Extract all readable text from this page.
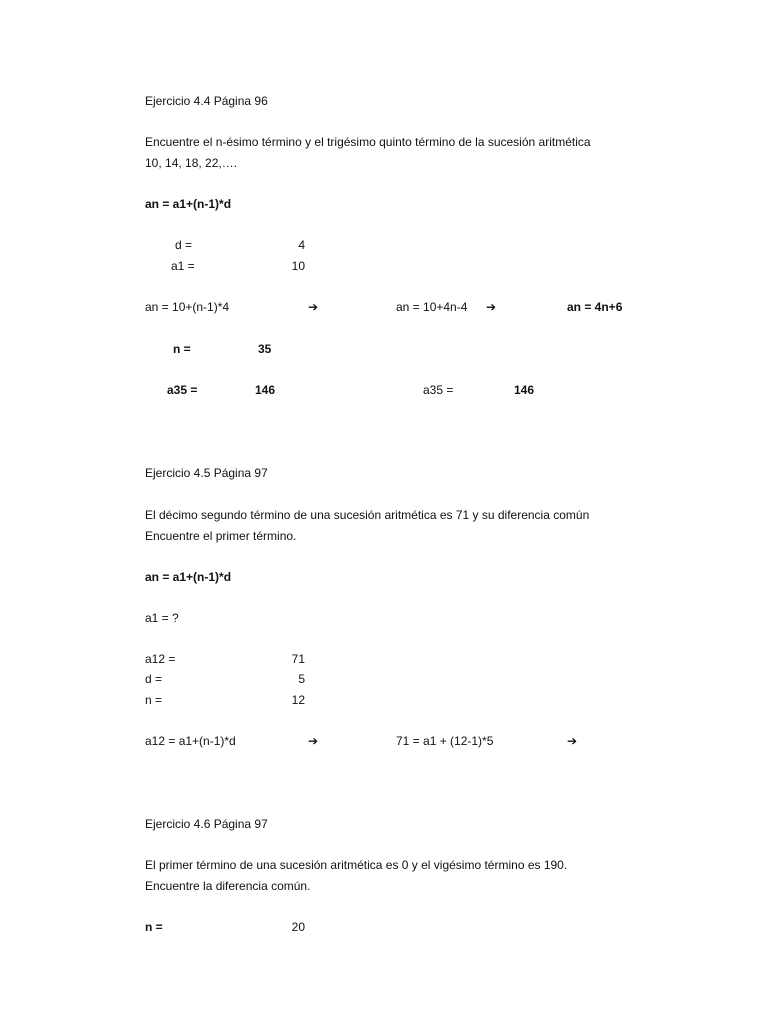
Ejercicio 4.4 Página 96
Encuentre el n-ésimo término y el trigésimo quinto término de la sucesión aritmética
10, 14, 18, 22,….
an = a1+(n-1)*d
d =	4
a1 =	10
an = 10+(n-1)*4	➔	an = 10+4n-4 ➔	an = 4n+6
n =	35
a35 =	146	a35 =	146
Ejercicio 4.5 Página 97
El décimo segundo término de una sucesión aritmética es 71 y su diferencia común
Encuentre el primer término.
an = a1+(n-1)*d
a1 = ?
a12 =	71
d =	5
n =	12
a12 = a1+(n-1)*d	➔	71 = a1 + (12-1)*5	➔
Ejercicio 4.6 Página 97
El primer término de una sucesión aritmética es 0 y el vigésimo término es 190.
Encuentre la diferencia común.
n =	20
